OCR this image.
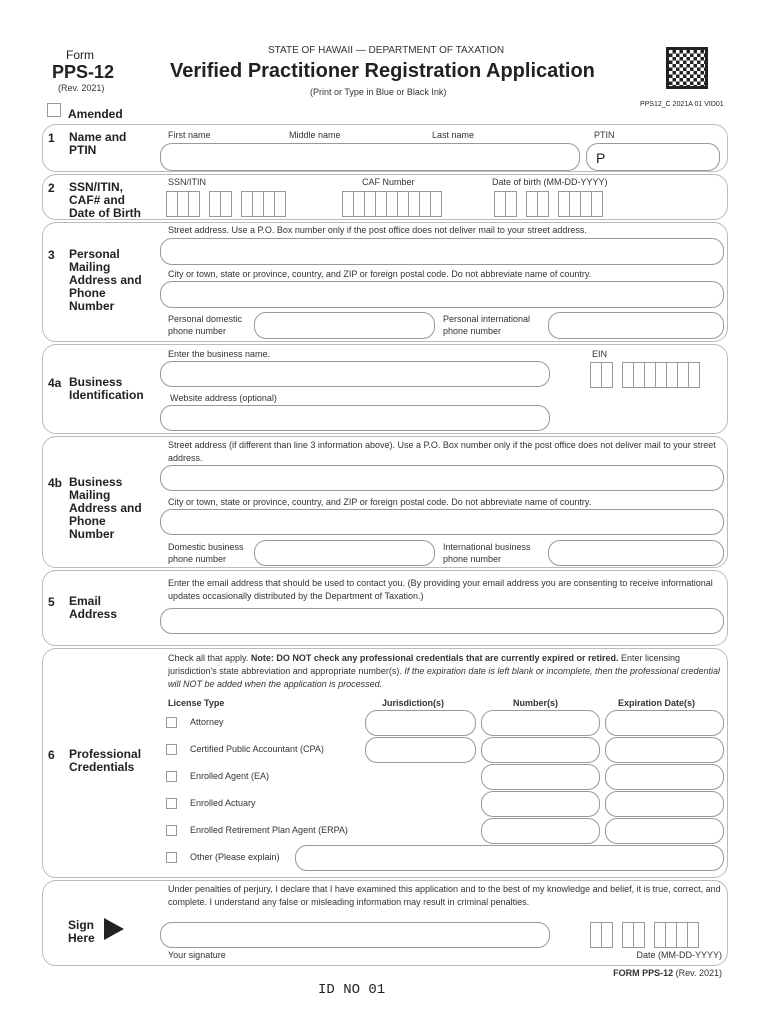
Form
PPS-12
(Rev. 2021)
STATE OF HAWAII — DEPARTMENT OF TAXATION
Verified Practitioner Registration Application
(Print or Type in Blue or Black Ink)
PPS12_C 2021A 01 VID01
Amended
1 Name and PTIN
First name	Middle name	Last name	PTIN
P
2 SSN/ITIN, CAF# and Date of Birth
SSN/ITIN	CAF Number	Date of birth (MM-DD-YYYY)
3 Personal Mailing Address and Phone Number
Street address. Use a P.O. Box number only if the post office does not deliver mail to your street address.
City or town, state or province, country, and ZIP or foreign postal code. Do not abbreviate name of country.
Personal domestic phone number
Personal international phone number
4a Business Identification
Enter the business name.	EIN
Website address (optional)
4b Business Mailing Address and Phone Number
Street address (if different than line 3 information above). Use a P.O. Box number only if the post office does not deliver mail to your street address.
City or town, state or province, country, and ZIP or foreign postal code. Do not abbreviate name of country.
Domestic business phone number
International business phone number
5 Email Address
Enter the email address that should be used to contact you. (By providing your email address you are consenting to receive informational updates occasionally distributed by the Department of Taxation.)
6 Professional Credentials
Check all that apply. Note: DO NOT check any professional credentials that are currently expired or retired. Enter licensing jurisdiction's state abbreviation and appropriate number(s). If the expiration date is left blank or incomplete, then the professional credential will NOT be added when the application is processed.
License Type	Jurisdiction(s)	Number(s)	Expiration Date(s)
Attorney
Certified Public Accountant (CPA)
Enrolled Agent (EA)
Enrolled Actuary
Enrolled Retirement Plan Agent (ERPA)
Other (Please explain)
Sign Here
Under penalties of perjury, I declare that I have examined this application and to the best of my knowledge and belief, it is true, correct, and complete. I understand any false or misleading information may result in criminal penalties.
Your signature	Date (MM-DD-YYYY)
FORM PPS-12 (Rev. 2021)
ID NO 01
